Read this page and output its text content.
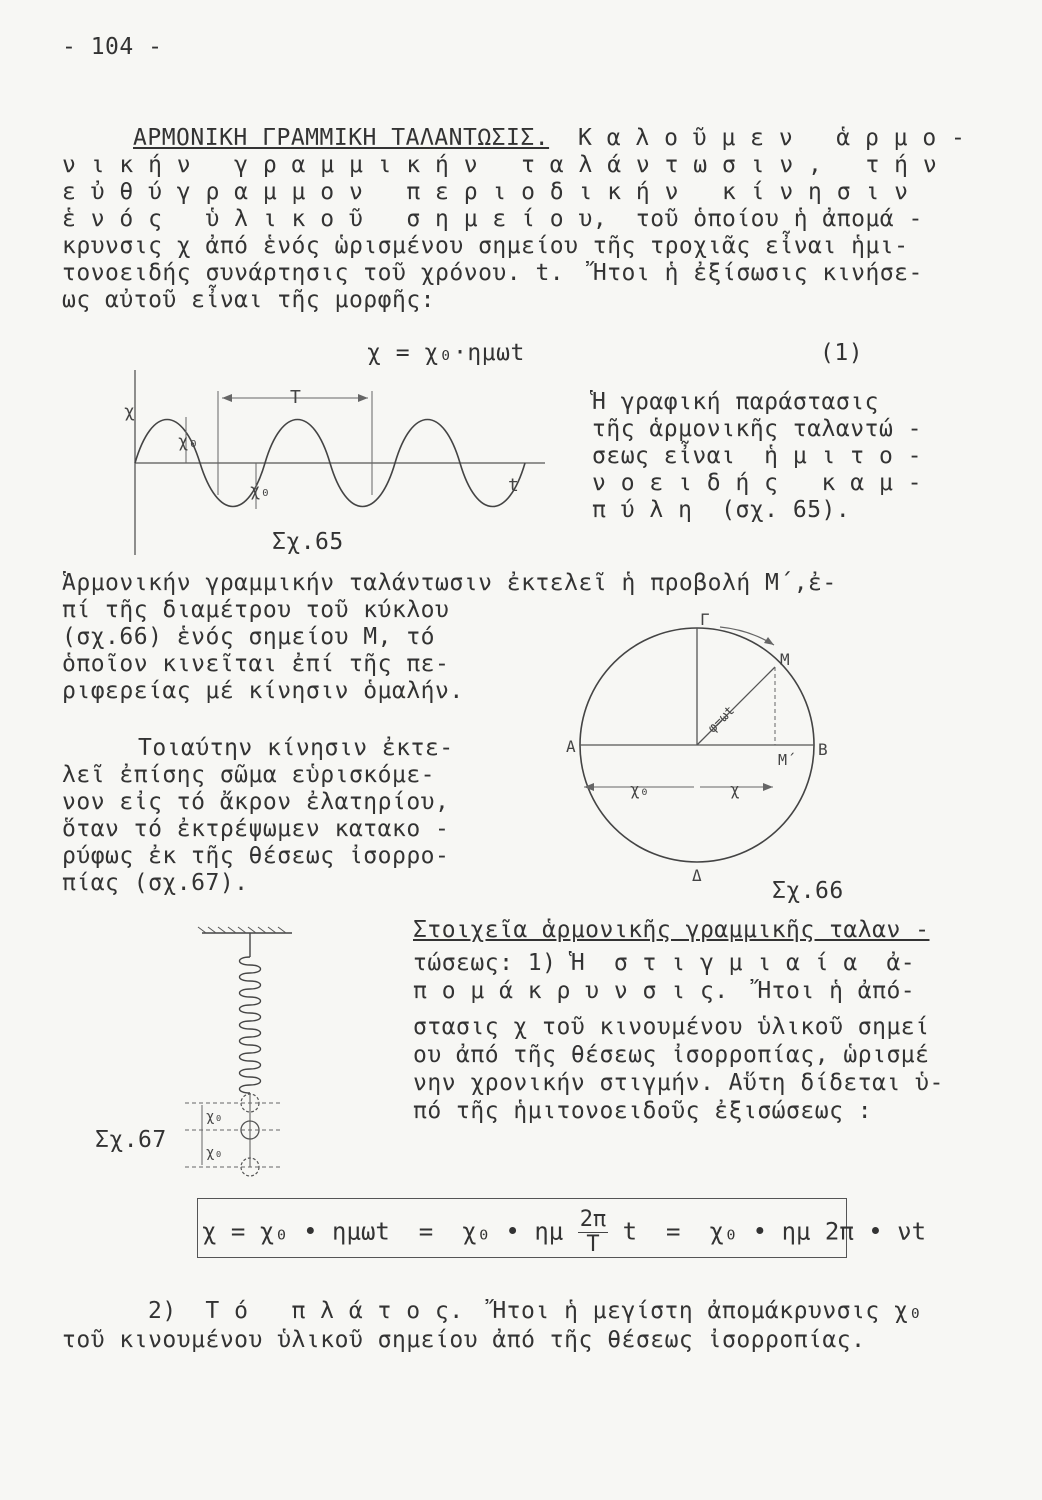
- 104 -
ΑΡΜΟΝΙΚΗ ΓΡΑΜΜΙΚΗ ΤΑΛΑΝΤΩΣΙΣ. Κ α λ ο ῦ μ ε ν   ἁ ρ μ ο -
ν ι κ ή ν   γ ρ α μ μ ι κ ή ν   τ α λ ά ν τ ω σ ι ν ,   τ ή ν
ε ὐ θ ύ γ ρ α μ μ ο ν   π ε ρ ι ο δ ι κ ή ν   κ ί ν η σ ι ν
ἑ ν ό ς   ὑ λ ι κ ο ῦ   σ η μ ε ί ο υ,  τοῦ ὁποίου ἡ ἀπομά -
κρυνσις χ ἀπό ἑνός ὡρισμένου σημείου τῆς τροχιᾶς εἶναι ἡμι-
τονοειδής συνάρτησις τοῦ χρόνου. t.  Ἤτοι ἡ ἐξίσωσις κινήσε-
ως αὐτοῦ εἶναι τῆς μορφῆς:
χ = χ₀·ημωt	(1)
χ
χ₀
χ₀
T
t
Σχ.65
Ἡ γραφική παράστασις
τῆς ἁρμονικῆς ταλαντώ -
σεως εἶναι  ἡ μ ι τ ο -
ν ο ε ι δ ή ς   κ α μ -
π ύ λ η  (σχ. 65).
Ἁρμονικήν γραμμικήν ταλάντωσιν ἐκτελεῖ ἡ προβολή Μ΄,ἐ-
πί τῆς διαμέτρου τοῦ κύκλου
(σχ.66) ἑνός σημείου Μ, τό
ὁποῖον κινεῖται ἐπί τῆς πε-
ριφερείας μέ κίνησιν ὁμαλήν.
Τοιαύτην κίνησιν ἐκτε-
λεῖ ἐπίσης σῶμα εὑρισκόμε-
νον εἰς τό ἄκρον ἐλατηρίου,
ὅταν τό ἐκτρέψωμεν κατακο -
ρύφως ἐκ τῆς θέσεως ἰσορρο-
πίας (σχ.67).
Γ
Μ
Α	Β
Μ΄
Δ
χ₀	χ
φ=ωt
Σχ.66
χ₀
χ₀
Σχ.67
Στοιχεῖα ἁρμονικῆς γραμμικῆς ταλαν -
τώσεως: 1) Ἡ  σ τ ι γ μ ι α ί α  ἀ-
π ο μ ά κ ρ υ ν σ ι ς.  Ἤτοι ἡ ἀπό-
στασις χ τοῦ κινουμένου ὑλικοῦ σημεί
ου ἀπό τῆς θέσεως ἰσορροπίας, ὡρισμέ
νην χρονικήν στιγμήν. Αὕτη δίδεται ὑ-
πό τῆς ἡμιτονοειδοῦς ἐξισώσεως :
χ = χ₀ • ημωt  =  χ₀ • ημ $\frac{2\pi}{T}$ t  =  χ₀ • ημ 2π • νt
2)  Τ ό   π λ ά τ ο ς.  Ἤτοι ἡ μεγίστη ἀπομάκρυνσις χ₀
τοῦ κινουμένου ὑλικοῦ σημείου ἀπό τῆς θέσεως ἰσορροπίας.
